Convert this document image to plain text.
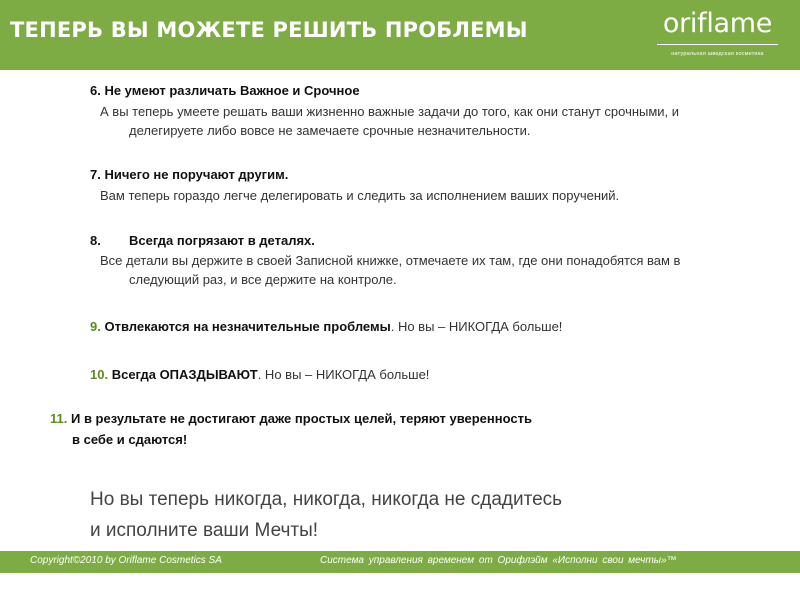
ТЕПЕРЬ ВЫ МОЖЕТЕ РЕШИТЬ ПРОБЛЕМЫ	oriflame
натуральная шведская косметика
6. Не умеют различать Важное и Срочное
А вы теперь умеете решать ваши жизненно важные задачи до того, как они станут срочными, и
делегируете либо вовсе не замечаете срочные незначительности.
7. Ничего не поручают другим.
Вам теперь гораздо легче делегировать и следить за исполнением ваших поручений.
8. Всегда погрязают в деталях.
Все детали вы держите в своей Записной книжке, отмечаете их там, где они понадобятся вам в
следующий раз, и все держите на контроле.
9. Отвлекаются на незначительные проблемы. Но вы – НИКОГДА больше!
10. Всегда ОПАЗДЫВАЮТ. Но вы – НИКОГДА больше!
11. И в результате не достигают даже простых целей, теряют уверенность
в себе и сдаются!
Но вы теперь никогда, никогда, никогда не сдадитесь
и исполните ваши Мечты!
Copyright©2010 by Oriflame Cosmetics SA	Система управления временем от Орифлэйм «Исполни свои мечты»™
